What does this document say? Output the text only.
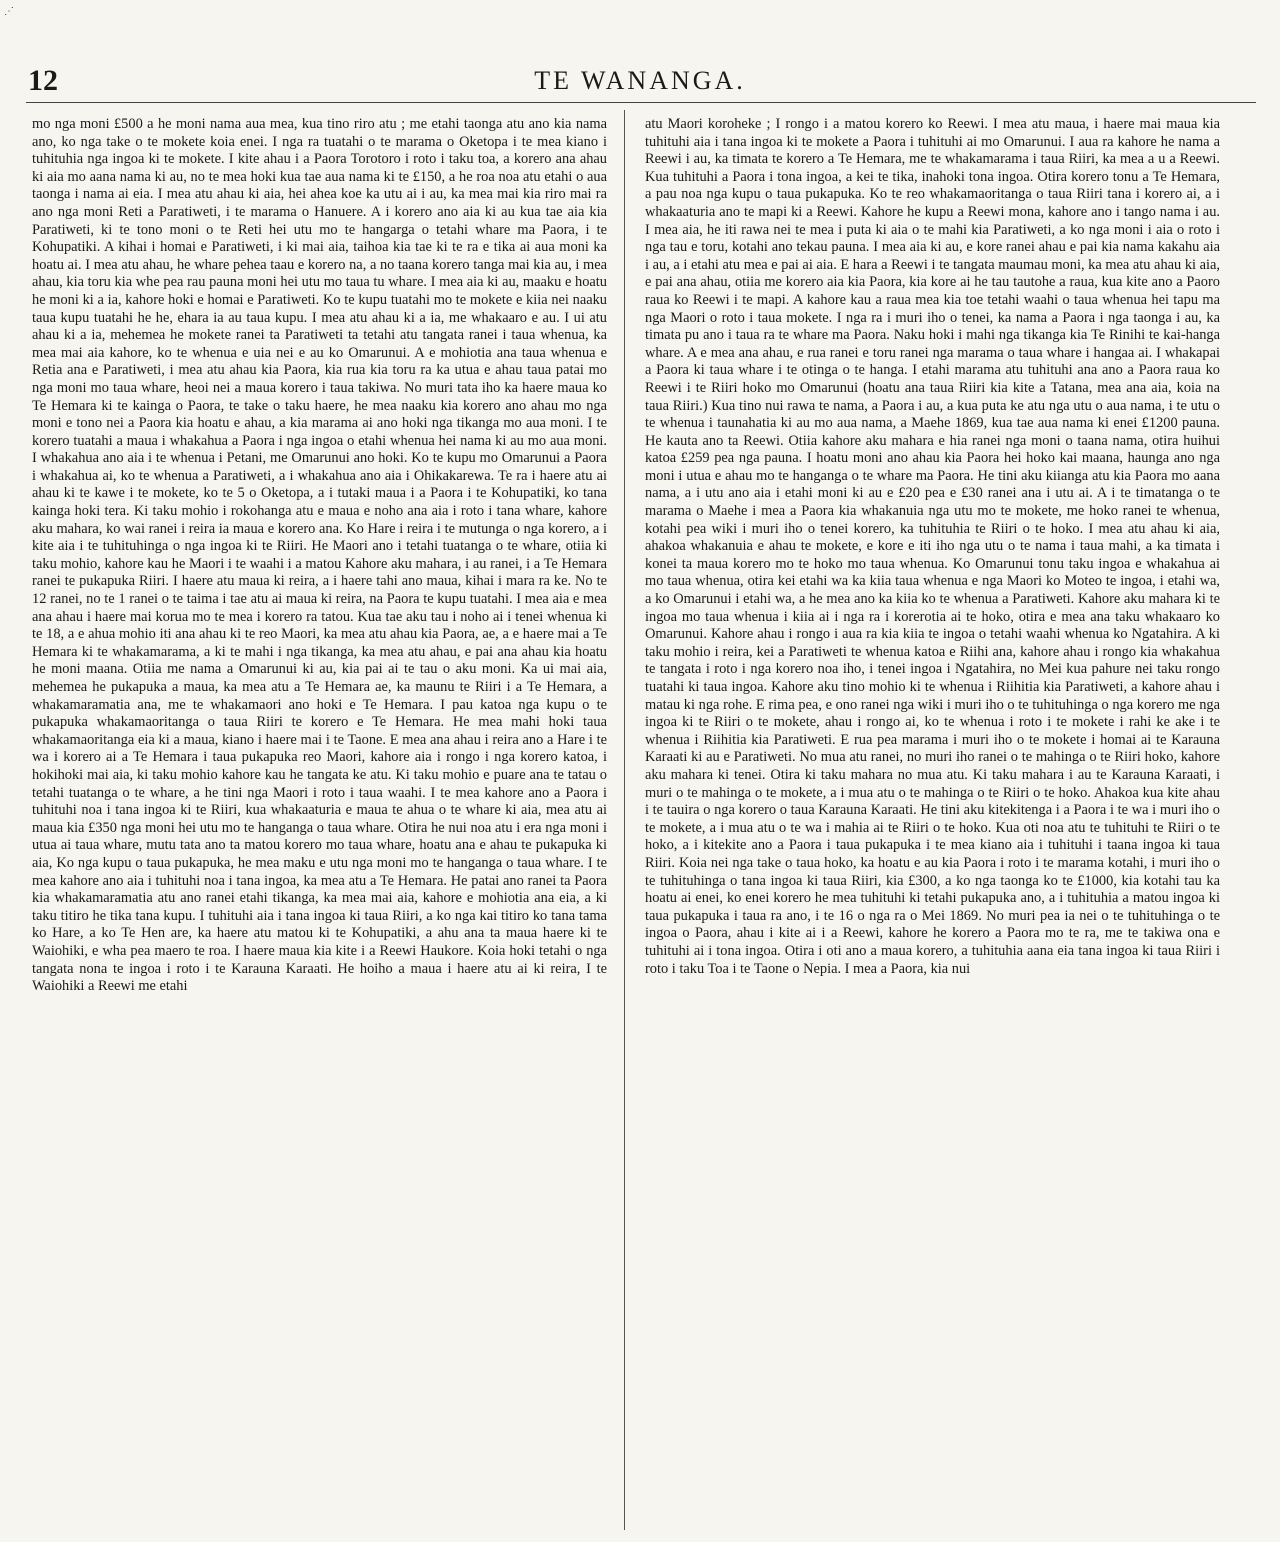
⋰
12	TE WANANGA.

mo nga moni £500 a he moni nama aua mea, kua tino riro atu ; me etahi taonga atu ano kia nama ano, ko nga take o te mokete koia enei. I nga ra tuatahi o te marama o Oketopa i te mea kiano i tuhituhia nga ingoa ki te mokete. I kite ahau i a Paora Torotoro i roto i taku toa, a korero ana ahau ki aia mo aana nama ki au, no te mea hoki kua tae aua nama ki te £150, a he roa noa atu etahi o aua taonga i nama ai eia. I mea atu ahau ki aia, hei ahea koe ka utu ai i au, ka mea mai kia riro mai ra ano nga moni Reti a Paratiweti, i te marama o Hanuere. A i korero ano aia ki au kua tae aia kia Paratiweti, ki te tono moni o te Reti hei utu mo te hangarga o tetahi whare ma Paora, i te Kohupatiki. A kihai i homai e Paratiweti, i ki mai aia, taihoa kia tae ki te ra e tika ai aua moni ka hoatu ai. I mea atu ahau, he whare pehea taau e korero na, a no taana korero tanga mai kia au, i mea ahau, kia toru kia whe pea rau pauna moni hei utu mo taua tu whare. I mea aia ki au, maaku e hoatu he moni ki a ia, kahore hoki e homai e Paratiweti. Ko te kupu tuatahi mo te mokete e kiia nei naaku taua kupu tuatahi he he, ehara ia au taua kupu. I mea atu ahau ki a ia, me whakaaro e au. I ui atu ahau ki a ia, mehemea he mokete ranei ta Paratiweti ta tetahi atu tangata ranei i taua whenua, ka mea mai aia kahore, ko te whenua e uia nei e au ko Omarunui. A e mohiotia ana taua whenua e Retia ana e Paratiweti, i mea atu ahau kia Paora, kia rua kia toru ra ka utua e ahau taua patai mo nga moni mo taua whare, heoi nei a maua korero i taua takiwa. No muri tata iho ka haere maua ko Te Hemara ki te kainga o Paora, te take o taku haere, he mea naaku kia korero ano ahau mo nga moni e tono nei a Paora kia hoatu e ahau, a kia marama ai ano hoki nga tikanga mo aua moni. I te korero tuatahi a maua i whakahua a Paora i nga ingoa o etahi whenua hei nama ki au mo aua moni. I whakahua ano aia i te whenua i Petani, me Omarunui ano hoki. Ko te kupu mo Omarunui a Paora i whakahua ai, ko te whenua a Paratiweti, a i whakahua ano aia i Ohikakarewa. Te ra i haere atu ai ahau ki te kawe i te mokete, ko te 5 o Oketopa, a i tutaki maua i a Paora i te Kohupatiki, ko tana kainga hoki tera. Ki taku mohio i rokohanga atu e maua e noho ana aia i roto i tana whare, kahore aku mahara, ko wai ranei i reira ia maua e korero ana. Ko Hare i reira i te mutunga o nga korero, a i kite aia i te tuhituhinga o nga ingoa ki te Riiri. He Maori ano i tetahi tuatanga o te whare, otiia ki taku mohio, kahore kau he Maori i te waahi i a matou Kahore aku mahara, i au ranei, i a Te Hemara ranei te pukapuka Riiri. I haere atu maua ki reira, a i haere tahi ano maua, kihai i mara ra ke. No te 12 ranei, no te 1 ranei o te taima i tae atu ai maua ki reira, na Paora te kupu tuatahi. I mea aia e mea ana ahau i haere mai korua mo te mea i korero ra tatou. Kua tae aku tau i noho ai i tenei whenua ki te 18, a e ahua mohio iti ana ahau ki te reo Maori, ka mea atu ahau kia Paora, ae, a e haere mai a Te Hemara ki te whakamarama, a ki te mahi i nga tikanga, ka mea atu ahau, e pai ana ahau kia hoatu he moni maana. Otiia me nama a Omarunui ki au, kia pai ai te tau o aku moni. Ka ui mai aia, mehemea he pukapuka a maua, ka mea atu a Te Hemara ae, ka maunu te Riiri i a Te Hemara, a whakamaramatia ana, me te whakamaori ano hoki e Te Hemara. I pau katoa nga kupu o te pukapuka whakamaoritanga o taua Riiri te korero e Te Hemara. He mea mahi hoki taua whakamaoritanga eia ki a maua, kiano i haere mai i te Taone. E mea ana ahau i reira ano a Hare i te wa i korero ai a Te Hemara i taua pukapuka reo Maori, kahore aia i rongo i nga korero katoa, i hokihoki mai aia, ki taku mohio kahore kau he tangata ke atu. Ki taku mohio e puare ana te tatau o tetahi tuatanga o te whare, a he tini nga Maori i roto i taua waahi. I te mea kahore ano a Paora i tuhituhi noa i tana ingoa ki te Riiri, kua whakaaturia e maua te ahua o te whare ki aia, mea atu ai maua kia £350 nga moni hei utu mo te hanganga o taua whare. Otira he nui noa atu i era nga moni i utua ai taua whare, mutu tata ano ta matou korero mo taua whare, hoatu ana e ahau te pukapuka ki aia, Ko nga kupu o taua pukapuka, he mea maku e utu nga moni mo te hanganga o taua whare. I te mea kahore ano aia i tuhituhi noa i tana ingoa, ka mea atu a Te Hemara. He patai ano ranei ta Paora kia whakamaramatia atu ano ranei etahi tikanga, ka mea mai aia, kahore e mohiotia ana eia, a ki taku titiro he tika tana kupu. I tuhituhi aia i tana ingoa ki taua Riiri, a ko nga kai titiro ko tana tama ko Hare, a ko Te Hen are, ka haere atu matou ki te Kohupatiki, a ahu ana ta maua haere ki te Waiohiki, e wha pea maero te roa. I haere maua kia kite i a Reewi Haukore. Koia hoki tetahi o nga tangata nona te ingoa i roto i te Karauna Karaati. He hoiho a maua i haere atu ai ki reira, I te Waiohiki a Reewi me etahi

atu Maori koroheke ; I rongo i a matou korero ko Reewi. I mea atu maua, i haere mai maua kia tuhituhi aia i tana ingoa ki te mokete a Paora i tuhituhi ai mo Omarunui. I aua ra kahore he nama a Reewi i au, ka timata te korero a Te Hemara, me te whakamarama i taua Riiri, ka mea a u a Reewi. Kua tuhituhi a Paora i tona ingoa, a kei te tika, inahoki tona ingoa. Otira korero tonu a Te Hemara, a pau noa nga kupu o taua pukapuka. Ko te reo whakamaoritanga o taua Riiri tana i korero ai, a i whakaaturia ano te mapi ki a Reewi. Kahore he kupu a Reewi mona, kahore ano i tango nama i au. I mea aia, he iti rawa nei te mea i puta ki aia o te mahi kia Paratiweti, a ko nga moni i aia o roto i nga tau e toru, kotahi ano tekau pauna. I mea aia ki au, e kore ranei ahau e pai kia nama kakahu aia i au, a i etahi atu mea e pai ai aia. E hara a Reewi i te tangata maumau moni, ka mea atu ahau ki aia, e pai ana ahau, otiia me korero aia kia Paora, kia kore ai he tau tautohe a raua, kua kite ano a Paoro raua ko Reewi i te mapi. A kahore kau a raua mea kia toe tetahi waahi o taua whenua hei tapu ma nga Maori o roto i taua mokete. I nga ra i muri iho o tenei, ka nama a Paora i nga taonga i au, ka timata pu ano i taua ra te whare ma Paora. Naku hoki i mahi nga tikanga kia Te Rinihi te kai-hanga whare. A e mea ana ahau, e rua ranei e toru ranei nga marama o taua whare i hangaa ai. I whakapai a Paora ki taua whare i te otinga o te hanga. I etahi marama atu tuhituhi ana ano a Paora raua ko Reewi i te Riiri hoko mo Omarunui (hoatu ana taua Riiri kia kite a Tatana, mea ana aia, koia na taua Riiri.) Kua tino nui rawa te nama, a Paora i au, a kua puta ke atu nga utu o aua nama, i te utu o te whenua i taunahatia ki au mo aua nama, a Maehe 1869, kua tae aua nama ki enei £1200 pauna. He kauta ano ta Reewi. Otiia kahore aku mahara e hia ranei nga moni o taana nama, otira huihui katoa £259 pea nga pauna. I hoatu moni ano ahau kia Paora hei hoko kai maana, haunga ano nga moni i utua e ahau mo te hanganga o te whare ma Paora. He tini aku kiianga atu kia Paora mo aana nama, a i utu ano aia i etahi moni ki au e £20 pea e £30 ranei ana i utu ai. A i te timatanga o te marama o Maehe i mea a Paora kia whakanuia nga utu mo te mokete, me hoko ranei te whenua, kotahi pea wiki i muri iho o tenei korero, ka tuhituhia te Riiri o te hoko. I mea atu ahau ki aia, ahakoa whakanuia e ahau te mokete, e kore e iti iho nga utu o te nama i taua mahi, a ka timata i konei ta maua korero mo te hoko mo taua whenua. Ko Omarunui tonu taku ingoa e whakahua ai mo taua whenua, otira kei etahi wa ka kiia taua whenua e nga Maori ko Moteo te ingoa, i etahi wa, a ko Omarunui i etahi wa, a he mea ano ka kiia ko te whenua a Paratiweti. Kahore aku mahara ki te ingoa mo taua whenua i kiia ai i nga ra i korerotia ai te hoko, otira e mea ana taku whakaaro ko Omarunui. Kahore ahau i rongo i aua ra kia kiia te ingoa o tetahi waahi whenua ko Ngatahira. A ki taku mohio i reira, kei a Paratiweti te whenua katoa e Riihi ana, kahore ahau i rongo kia whakahua te tangata i roto i nga korero noa iho, i tenei ingoa i Ngatahira, no Mei kua pahure nei taku rongo tuatahi ki taua ingoa. Kahore aku tino mohio ki te whenua i Riihitia kia Paratiweti, a kahore ahau i matau ki nga rohe. E rima pea, e ono ranei nga wiki i muri iho o te tuhituhinga o nga korero me nga ingoa ki te Riiri o te mokete, ahau i rongo ai, ko te whenua i roto i te mokete i rahi ke ake i te whenua i Riihitia kia Paratiweti. E rua pea marama i muri iho o te mokete i homai ai te Karauna Karaati ki au e Paratiweti. No mua atu ranei, no muri iho ranei o te mahinga o te Riiri hoko, kahore aku mahara ki tenei. Otira ki taku mahara no mua atu. Ki taku mahara i au te Karauna Karaati, i muri o te mahinga o te mokete, a i mua atu o te mahinga o te Riiri o te hoko. Ahakoa kua kite ahau i te tauira o nga korero o taua Karauna Karaati. He tini aku kitekitenga i a Paora i te wa i muri iho o te mokete, a i mua atu o te wa i mahia ai te Riiri o te hoko. Kua oti noa atu te tuhituhi te Riiri o te hoko, a i kitekite ano a Paora i taua pukapuka i te mea kiano aia i tuhituhi i taana ingoa ki taua Riiri. Koia nei nga take o taua hoko, ka hoatu e au kia Paora i roto i te marama kotahi, i muri iho o te tuhituhinga o tana ingoa ki taua Riiri, kia £300, a ko nga taonga ko te £1000, kia kotahi tau ka hoatu ai enei, ko enei korero he mea tuhituhi ki tetahi pukapuka ano, a i tuhituhia a matou ingoa ki taua pukapuka i taua ra ano, i te 16 o nga ra o Mei 1869. No muri pea ia nei o te tuhituhinga o te ingoa o Paora, ahau i kite ai i a Reewi, kahore he korero a Paora mo te ra, me te takiwa ona e tuhituhi ai i tona ingoa. Otira i oti ano a maua korero, a tuhituhia aana eia tana ingoa ki taua Riiri i roto i taku Toa i te Taone o Nepia. I mea a Paora, kia nui
